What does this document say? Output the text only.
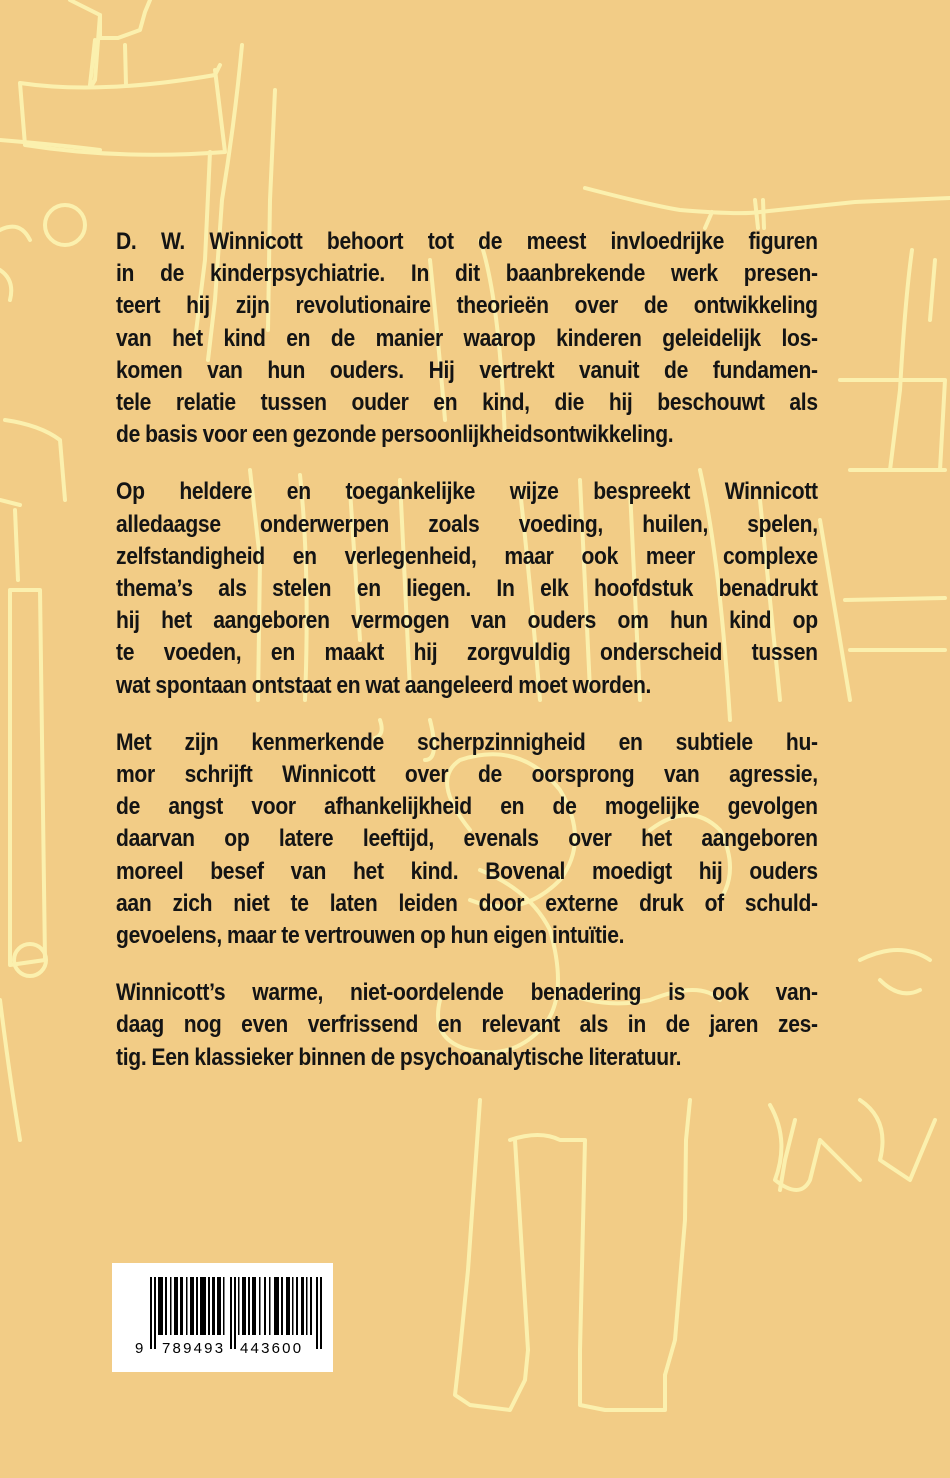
D. W. Winnicott behoort tot de meest invloedrijke figuren
in de kinderpsychiatrie. In dit baanbrekende werk presen-
teert hij zijn revolutionaire theorieën over de ontwikkeling
van het kind en de manier waarop kinderen geleidelijk los-
komen van hun ouders. Hij vertrekt vanuit de fundamen-
tele relatie tussen ouder en kind, die hij beschouwt als
de basis voor een gezonde persoonlijkheidsontwikkeling.

Op heldere en toegankelijke wijze bespreekt Winnicott
alledaagse onderwerpen zoals voeding, huilen, spelen,
zelfstandigheid en verlegenheid, maar ook meer complexe
thema’s als stelen en liegen. In elk hoofdstuk benadrukt
hij het aangeboren vermogen van ouders om hun kind op
te voeden, en maakt hij zorgvuldig onderscheid tussen
wat spontaan ontstaat en wat aangeleerd moet worden.

Met zijn kenmerkende scherpzinnigheid en subtiele hu-
mor schrijft Winnicott over de oorsprong van agressie,
de angst voor afhankelijkheid en de mogelijke gevolgen
daarvan op latere leeftijd, evenals over het aangeboren
moreel besef van het kind. Bovenal moedigt hij ouders
aan zich niet te laten leiden door externe druk of schuld-
gevoelens, maar te vertrouwen op hun eigen intuïtie.

Winnicott’s warme, niet-oordelende benadering is ook van-
daag nog even verfrissend en relevant als in de jaren zes-
tig. Een klassieker binnen de psychoanalytische literatuur.

9 789493 443600
